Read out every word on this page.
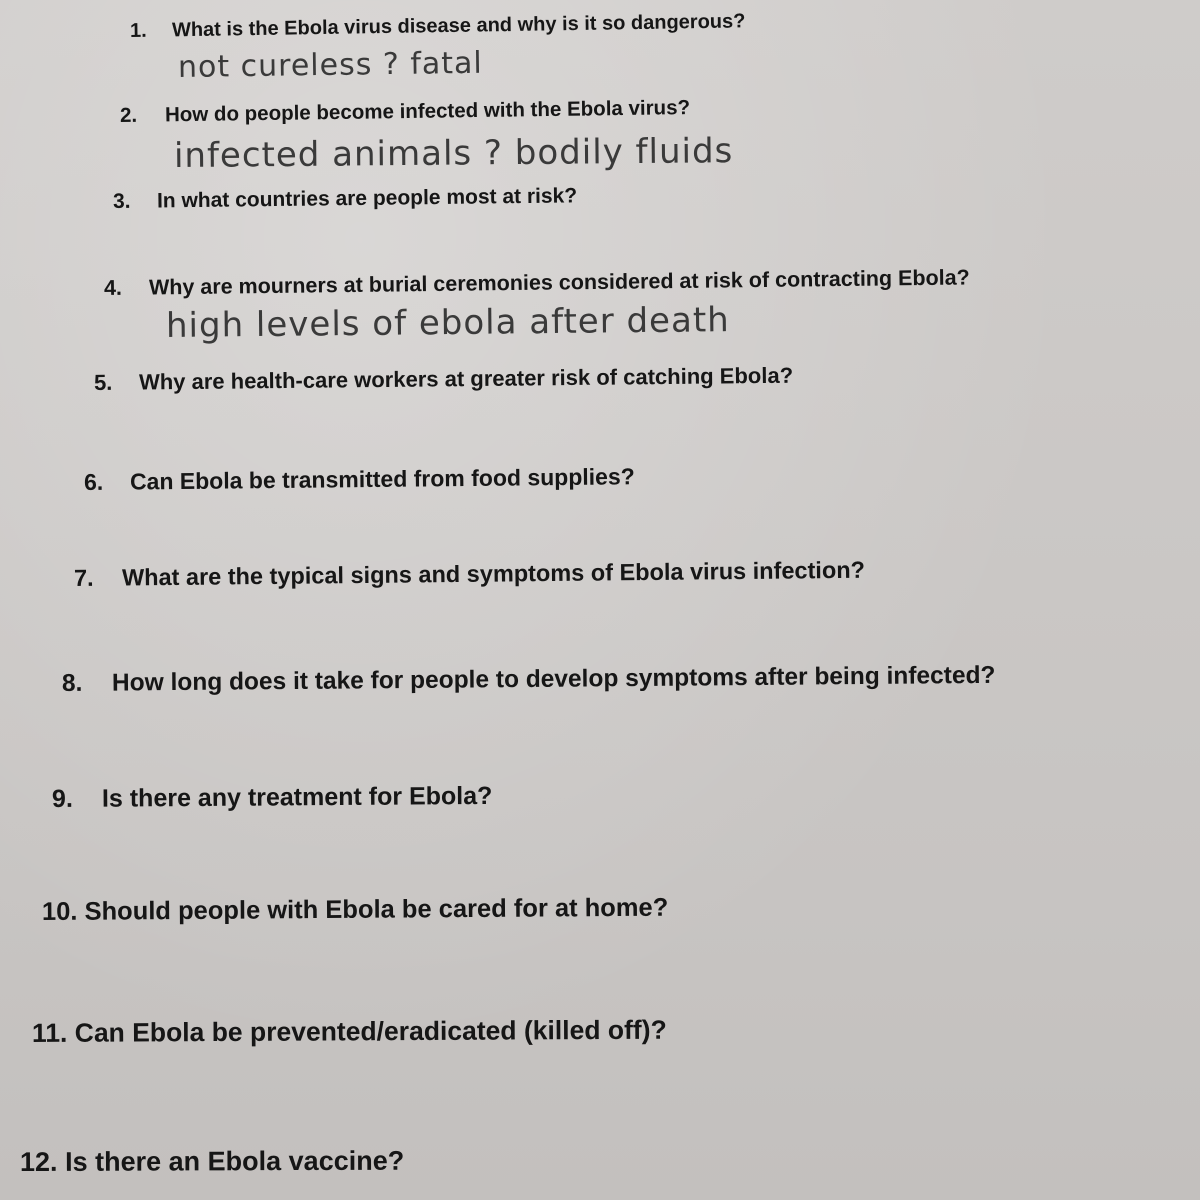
1. What is the Ebola virus disease and why is it so dangerous?

not cureless ? fatal

2. How do people become infected with the Ebola virus?

infected animals ? bodily fluids

3. In what countries are people most at risk?

4. Why are mourners at burial ceremonies considered at risk of contracting Ebola?

high levels of ebola after death

5. Why are health-care workers at greater risk of catching Ebola?

6. Can Ebola be transmitted from food supplies?

7. What are the typical signs and symptoms of Ebola virus infection?

8. How long does it take for people to develop symptoms after being infected?

9. Is there any treatment for Ebola?

10. Should people with Ebola be cared for at home?

11. Can Ebola be prevented/eradicated (killed off)?

12. Is there an Ebola vaccine?
